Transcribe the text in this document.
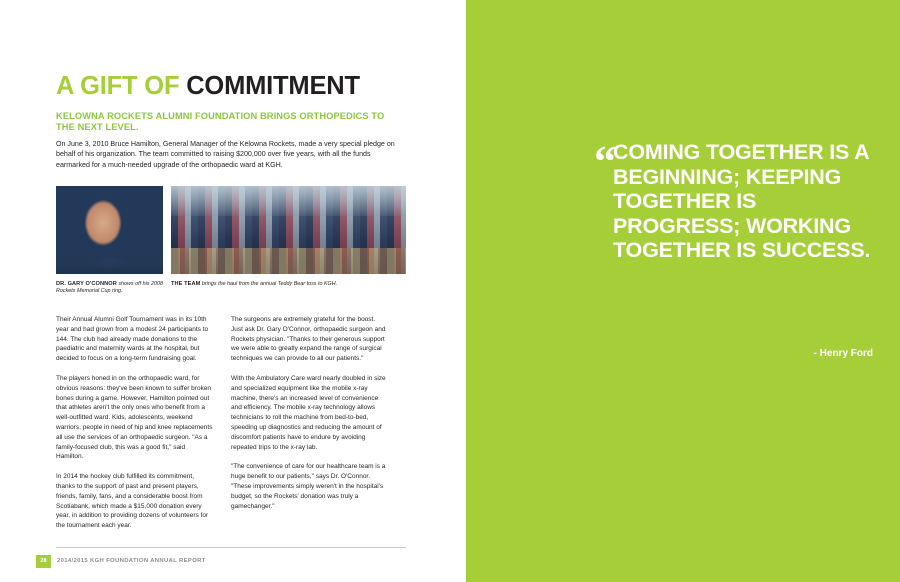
A GIFT OF COMMITMENT
KELOWNA ROCKETS ALUMNI FOUNDATION BRINGS ORTHOPEDICS TO THE NEXT LEVEL.
On June 3, 2010 Bruce Hamilton, General Manager of the Kelowna Rockets, made a very special pledge on behalf of his organization. The team committed to raising $200,000 over five years, with all the funds earmarked for a much-needed upgrade of the orthopaedic ward at KGH.
DR. GARY O'CONNOR shows off his 2008 Rockets Memorial Cup ring.
THE TEAM brings the haul from the annual Teddy Bear toss to KGH.

Their Annual Alumni Golf Tournament was in its 10th year and had grown from a modest 24 participants to 144. The club had already made donations to the paediatric and maternity wards at the hospital, but decided to focus on a long-term fundraising goal.

The players honed in on the orthopaedic ward, for obvious reasons: they've been known to suffer broken bones during a game. However, Hamilton pointed out that athletes aren't the only ones who benefit from a well-outfitted ward. Kids, adolescents, weekend warriors, people in need of hip and knee replacements all use the services of an orthopaedic surgeon. "As a family-focused club, this was a good fit," said Hamilton.

In 2014 the hockey club fulfilled its commitment, thanks to the support of past and present players, friends, family, fans, and a considerable boost from Scotiabank, which made a $15,000 donation every year, in addition to providing dozens of volunteers for the tournament each year.

The surgeons are extremely grateful for the boost. Just ask Dr. Gary O'Connor, orthopaedic surgeon and Rockets physician. "Thanks to their generous support we were able to greatly expand the range of surgical techniques we can provide to all our patients."

With the Ambulatory Care ward nearly doubled in size and specialized equipment like the mobile x-ray machine, there's an increased level of convenience and efficiency. The mobile x-ray technology allows technicians to roll the machine from bed-to-bed, speeding up diagnostics and reducing the amount of discomfort patients have to endure by avoiding repeated trips to the x-ray lab.

"The convenience of care for our healthcare team is a huge benefit to our patients," says Dr. O'Connor. "These improvements simply weren't in the hospital's budget, so the Rockets' donation was truly a gamechanger."

28	2014/2015 KGH FOUNDATION ANNUAL REPORT
“
COMING TOGETHER IS A BEGINNING; KEEPING TOGETHER IS PROGRESS; WORKING TOGETHER IS SUCCESS.
- Henry Ford
